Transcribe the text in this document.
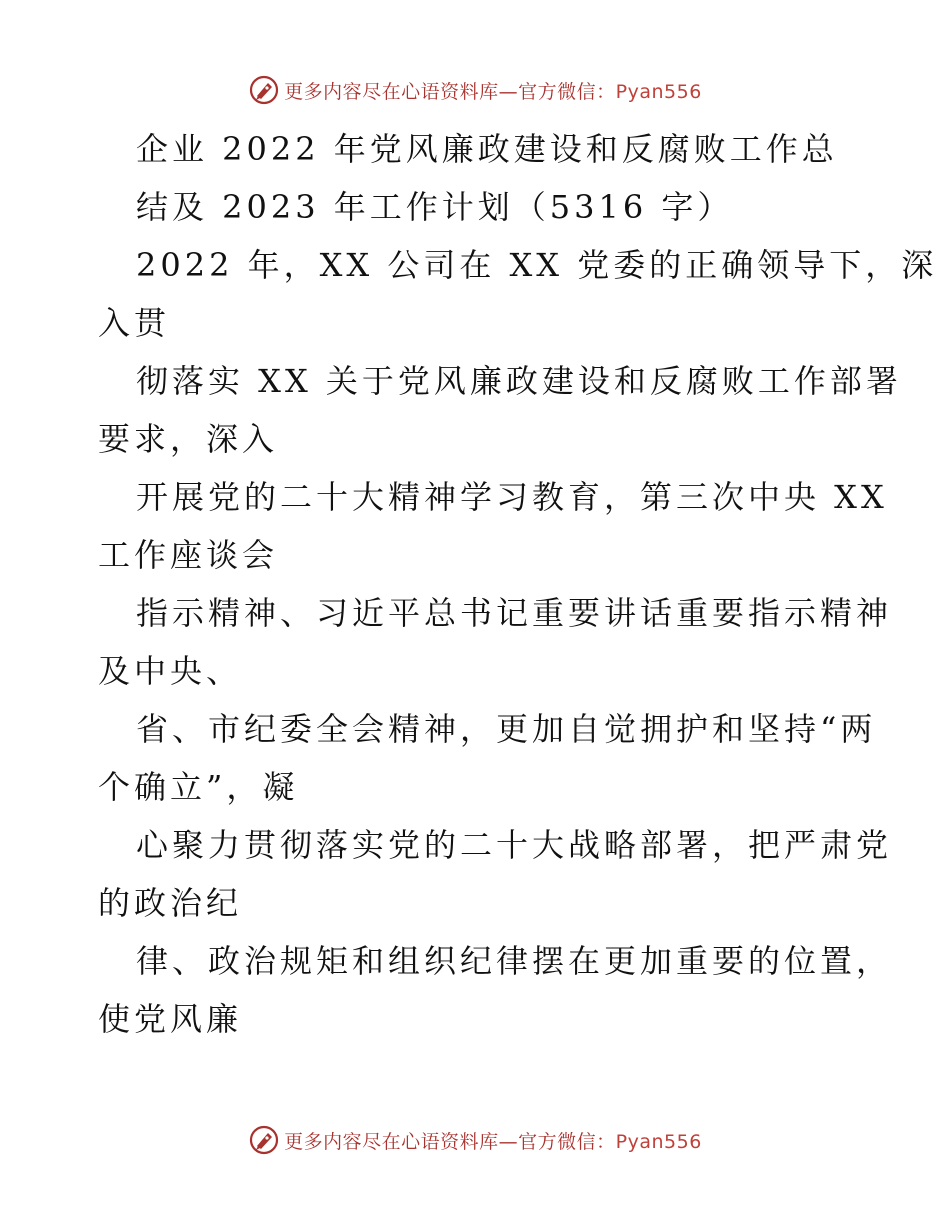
更多内容尽在心语资料库—官方微信：Pyan556
企业 2022 年党风廉政建设和反腐败工作总
结及 2023 年工作计划（5316 字）
2022 年，XX 公司在 XX 党委的正确领导下，深
入贯
彻落实 XX 关于党风廉政建设和反腐败工作部署
要求，深入
开展党的二十大精神学习教育，第三次中央 XX
工作座谈会
指示精神、习近平总书记重要讲话重要指示精神
及中央、
省、市纪委全会精神，更加自觉拥护和坚持“两
个确立”，凝
心聚力贯彻落实党的二十大战略部署，把严肃党
的政治纪
律、政治规矩和组织纪律摆在更加重要的位置，
使党风廉
更多内容尽在心语资料库—官方微信：Pyan556
